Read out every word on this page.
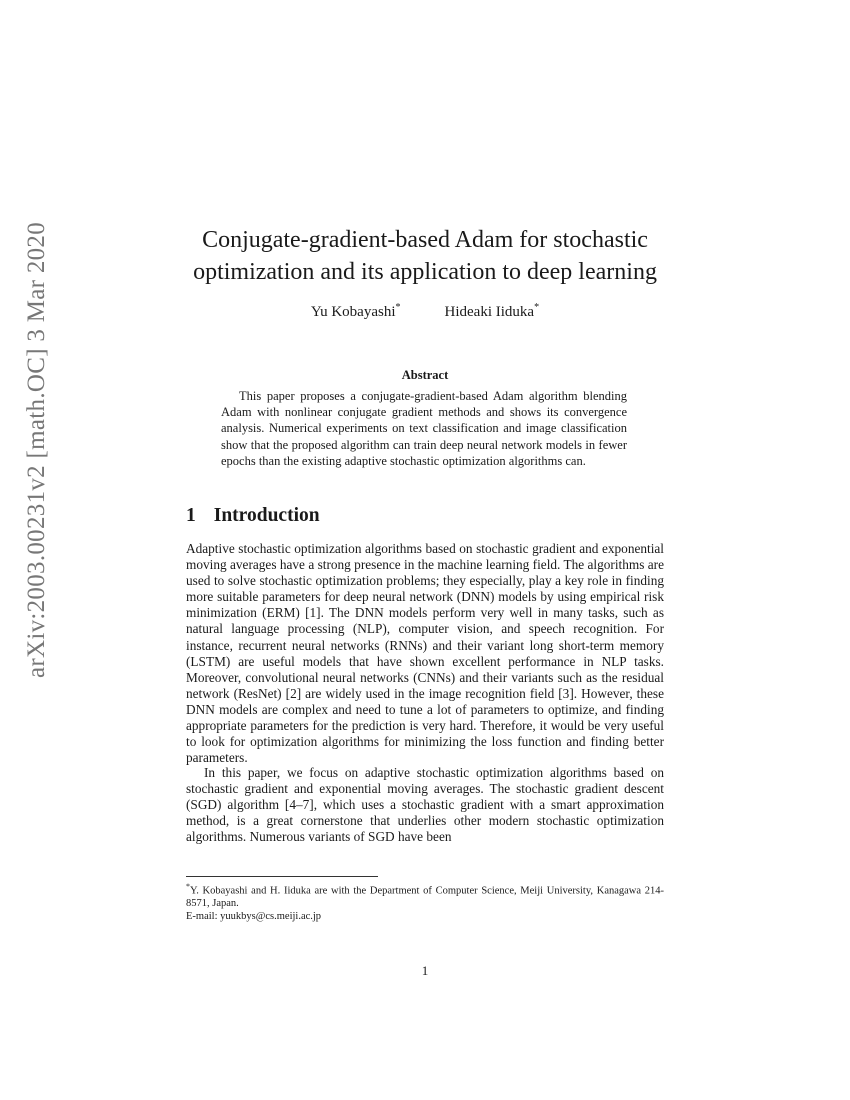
arXiv:2003.00231v2 [math.OC] 3 Mar 2020	Conjugate-gradient-based Adam for stochastic optimization and its application to deep learning
Yu Kobayashi*	Hideaki Iiduka*
Abstract

This paper proposes a conjugate-gradient-based Adam algorithm blending Adam with nonlinear conjugate gradient methods and shows its convergence analysis. Numerical experiments on text classification and image classification show that the proposed algorithm can train deep neural network models in fewer epochs than the existing adaptive stochastic optimization algorithms can.

1 Introduction

Adaptive stochastic optimization algorithms based on stochastic gradient and exponential moving averages have a strong presence in the machine learning field. The algorithms are used to solve stochastic optimization problems; they especially, play a key role in finding more suitable parameters for deep neural network (DNN) models by using empirical risk minimization (ERM) [1]. The DNN models perform very well in many tasks, such as natural language processing (NLP), computer vision, and speech recognition. For instance, recurrent neural networks (RNNs) and their variant long short-term memory (LSTM) are useful models that have shown excellent performance in NLP tasks. Moreover, convolutional neural networks (CNNs) and their variants such as the residual network (ResNet) [2] are widely used in the image recognition field [3]. However, these DNN models are complex and need to tune a lot of parameters to optimize, and finding appropriate parameters for the prediction is very hard. Therefore, it would be very useful to look for optimization algorithms for minimizing the loss function and finding better parameters.

In this paper, we focus on adaptive stochastic optimization algorithms based on stochastic gradient and exponential moving averages. The stochastic gradient descent (SGD) algorithm [4–7], which uses a stochastic gradient with a smart approximation method, is a great cornerstone that underlies other modern stochastic optimization algorithms. Numerous variants of SGD have been

*Y. Kobayashi and H. Iiduka are with the Department of Computer Science, Meiji University, Kanagawa 214-8571, Japan.

E-mail: yuukbys@cs.meiji.ac.jp

1
